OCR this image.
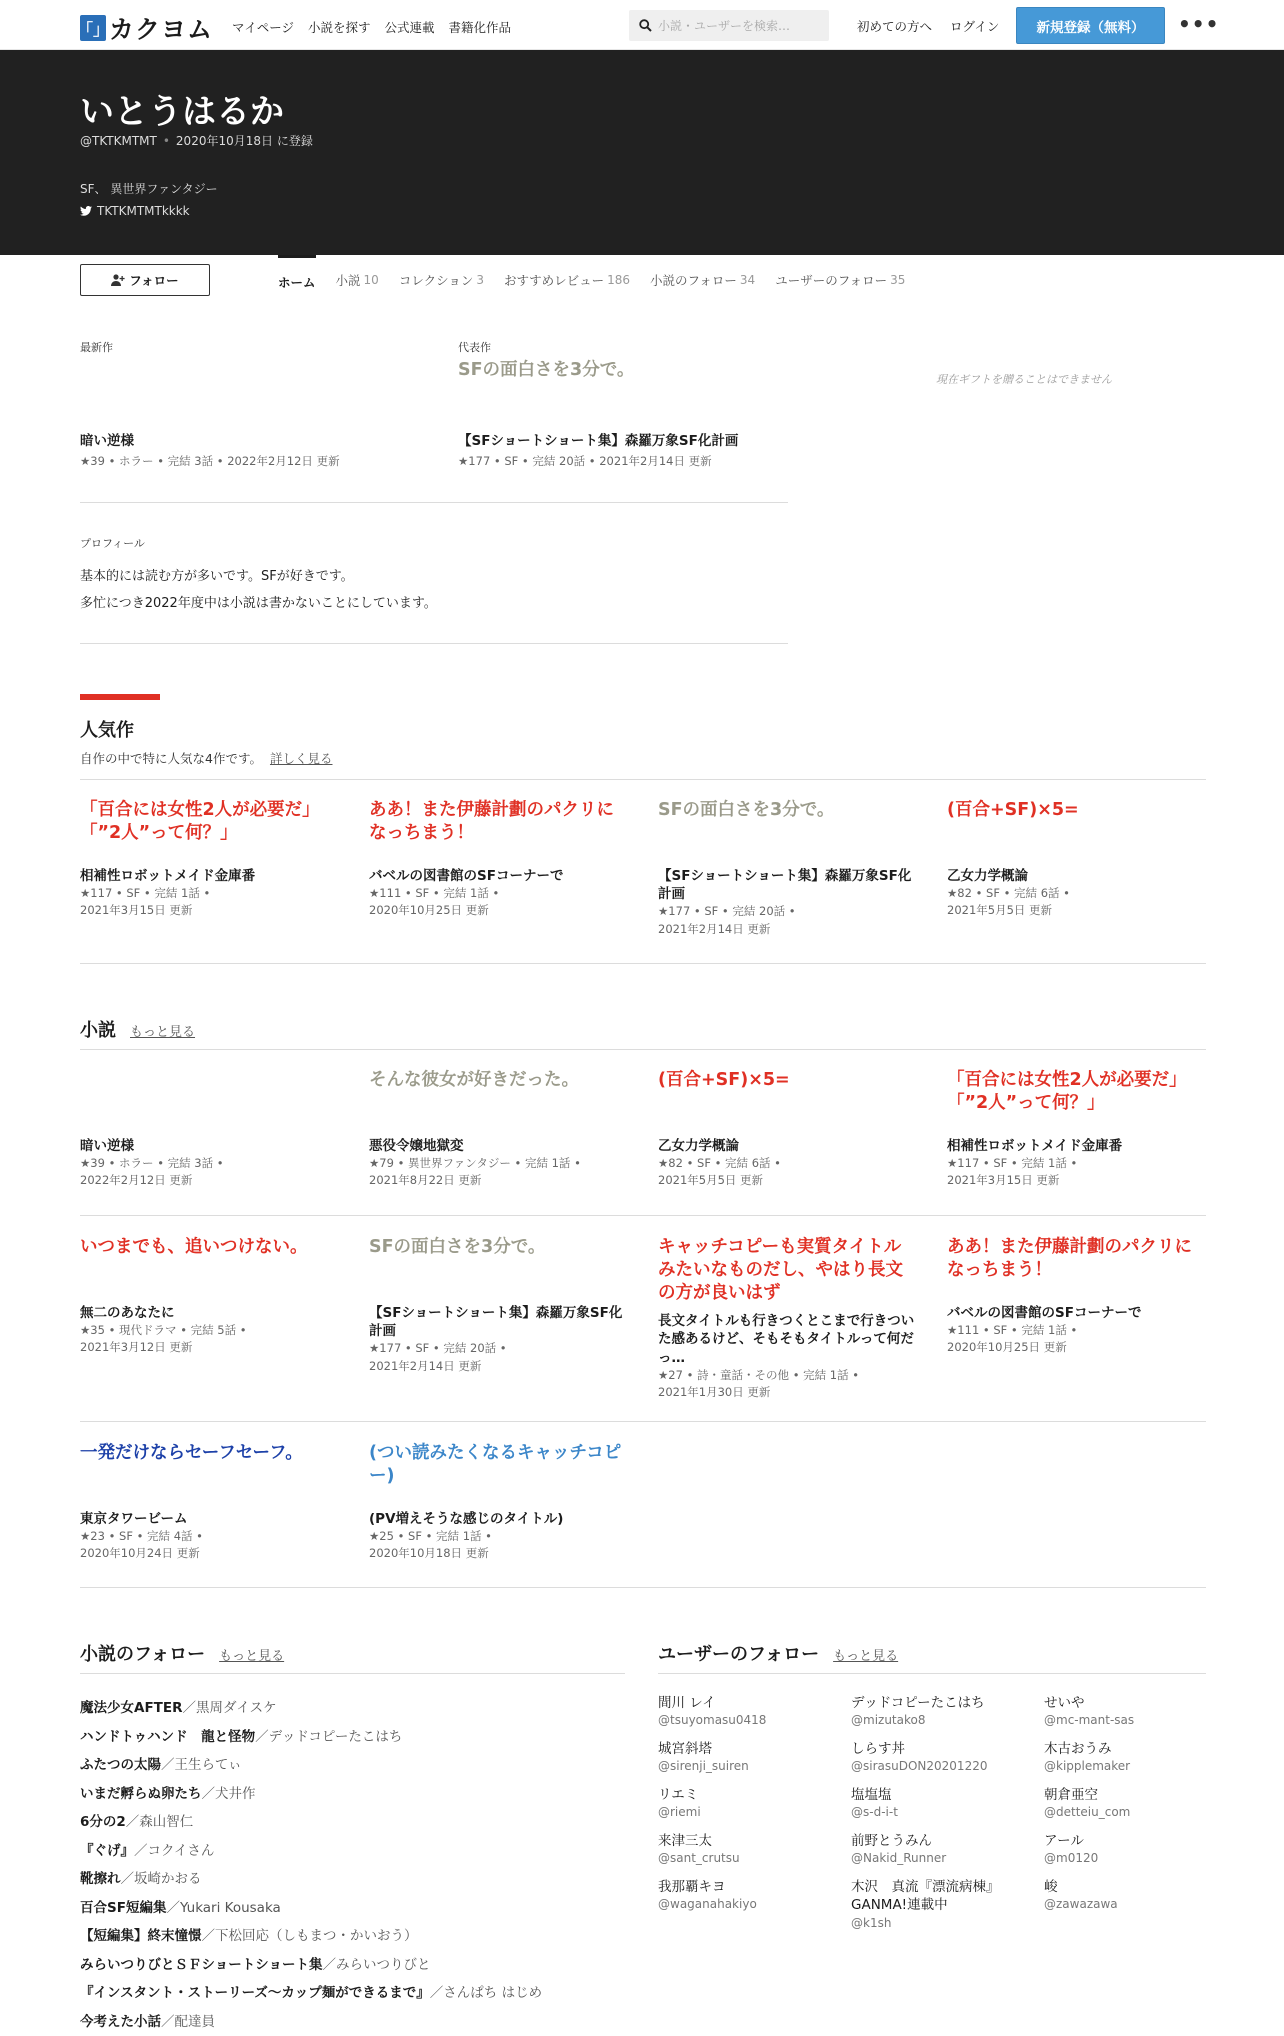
「」 カクヨム マイページ 小説を探す 公式連載 書籍化作品
小説・ユーザーを検索…	初めての方へ ログイン	新規登録（無料）	•••
いとうはるか
@TKTKMTMT • 2020年10月18日 に登録
SF、 異世界ファンタジー
TKTKMTMTkkkk
フォロー	ホーム 小説 10 コレクション 3 おすすめレビュー 186 小説のフォロー 34 ユーザーのフォロー 35
最新作
暗い逆様
★39 • ホラー • 完結 3話 • 2022年2月12日 更新
代表作
SFの面白さを3分で。
【SFショートショート集】森羅万象SF化計画
★177 • SF • 完結 20話 • 2021年2月14日 更新
現在ギフトを贈ることはできません
プロフィール
基本的には読む方が多いです。SFが好きです。
多忙につき2022年度中は小説は書かないことにしています。
人気作
自作の中で特に人気な4作です。 詳しく見る
「百合には女性2人が必要だ」「”2人”って何？」
相補性ロボットメイド金庫番
★117 • SF • 完結 1話 •
2021年3月15日 更新
ああ！また伊藤計劃のパクリになっちまう！
バベルの図書館のSFコーナーで
★111 • SF • 完結 1話 •
2020年10月25日 更新
SFの面白さを3分で。
【SFショートショート集】森羅万象SF化計画
★177 • SF • 完結 20話 •
2021年2月14日 更新
(百合+SF)×5=
乙女力学概論
★82 • SF • 完結 6話 •
2021年5月5日 更新
小説 もっと見る
暗い逆様
★39 • ホラー • 完結 3話 •
2022年2月12日 更新
そんな彼女が好きだった。
悪役令嬢地獄変
★79 • 異世界ファンタジー • 完結 1話 •
2021年8月22日 更新
(百合+SF)×5=
乙女力学概論
★82 • SF • 完結 6話 •
2021年5月5日 更新
「百合には女性2人が必要だ」「”2人”って何？」
相補性ロボットメイド金庫番
★117 • SF • 完結 1話 •
2021年3月15日 更新
いつまでも、追いつけない。
無二のあなたに
★35 • 現代ドラマ • 完結 5話 •
2021年3月12日 更新
SFの面白さを3分で。
【SFショートショート集】森羅万象SF化計画
★177 • SF • 完結 20話 •
2021年2月14日 更新
キャッチコピーも実質タイトルみたいなものだし、やはり長文の方が良いはず
長文タイトルも行きつくとこまで行きついた感あるけど、そもそもタイトルって何だっ…
★27 • 詩・童話・その他 • 完結 1話 •
2021年1月30日 更新
ああ！また伊藤計劃のパクリになっちまう！
バベルの図書館のSFコーナーで
★111 • SF • 完結 1話 •
2020年10月25日 更新
一発だけならセーフセーフ。
東京タワービーム
★23 • SF • 完結 4話 •
2020年10月24日 更新
(つい読みたくなるキャッチコピー)
(PV増えそうな感じのタイトル)
★25 • SF • 完結 1話 •
2020年10月18日 更新
小説のフォロー もっと見る
魔法少女AFTER／黒周ダイスケ
ハンドトゥハンド　龍と怪物／デッドコピーたこはち
ふたつの太陽／王生らてぃ
いまだ孵らぬ卵たち／犬井作
6分の2／森山智仁
『ぐげ』／コクイさん
靴擦れ／坂崎かおる
百合SF短編集／Yukari Kousaka
【短編集】終末憧憬／下松回応（しもまつ・かいおう）
みらいつりびとＳＦショートショート集／みらいつりびと
『インスタント・ストーリーズ〜カップ麺ができるまで』／さんぱち はじめ
今考えた小話／配達員
ユーザーのフォロー もっと見る
間川 レイ
@tsuyomasu0418
デッドコピーたこはち
@mizutako8
せいや
@mc-mant-sas
城宮斜塔
@sirenji_suiren
しらす丼
@sirasuDON20201220
木古おうみ
@kipplemaker
リエミ
@riemi
塩塩塩
@s-d-i-t
朝倉亜空
@detteiu_com
来津三太
@sant_crutsu
前野とうみん
@Nakid_Runner
アール
@m0120
我那覇キヨ
@waganahakiyo
木沢　真流『漂流病棟』GANMA!連載中
@k1sh
峻
@zawazawa
